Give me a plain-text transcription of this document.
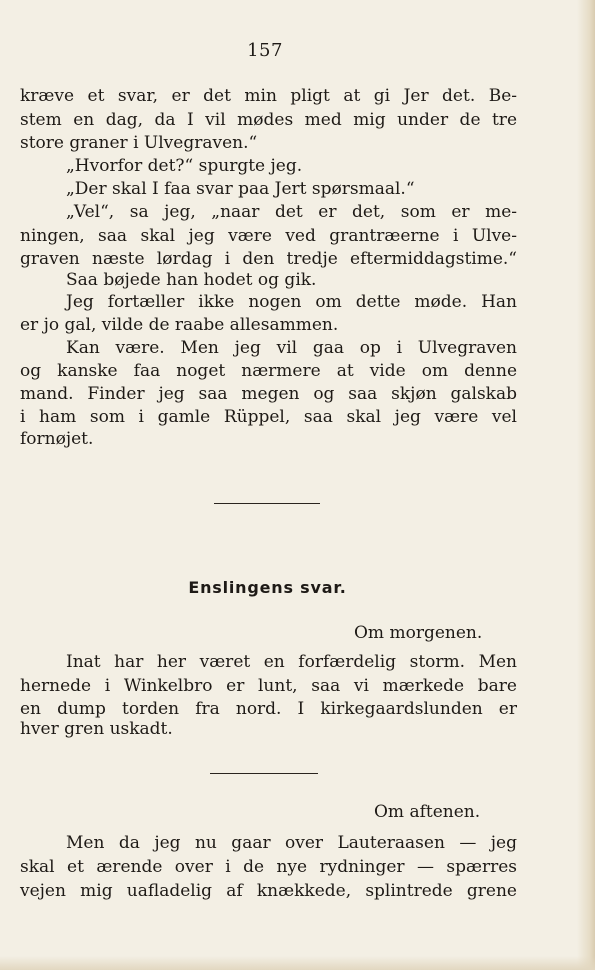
157

kræve et svar, er det min pligt at gi Jer det. Be-

stem en dag, da I vil mødes med mig under de tre

store graner i Ulvegraven.“

„Hvorfor det?“ spurgte jeg.

„Der skal I faa svar paa Jert spørsmaal.“

„Vel“, sa jeg, „naar det er det, som er me-

ningen, saa skal jeg være ved grantræerne i Ulve-

graven næste lørdag i den tredje eftermiddagstime.“

Saa bøjede han hodet og gik.

Jeg fortæller ikke nogen om dette møde. Han

er jo gal, vilde de raabe allesammen.

Kan være. Men jeg vil gaa op i Ulvegraven

og kanske faa noget nærmere at vide om denne

mand. Finder jeg saa megen og saa skjøn galskab

i ham som i gamle Rüppel, saa skal jeg være vel

fornøjet.

Enslingens svar.
Om morgenen.

Inat har her været en forfærdelig storm. Men

hernede i Winkelbro er lunt, saa vi mærkede bare

en dump torden fra nord. I kirkegaardslunden er

hver gren uskadt.

Om aftenen.

Men da jeg nu gaar over Lauteraasen — jeg

skal et ærende over i de nye rydninger — spærres

vejen mig uafladelig af knækkede, splintrede grene
